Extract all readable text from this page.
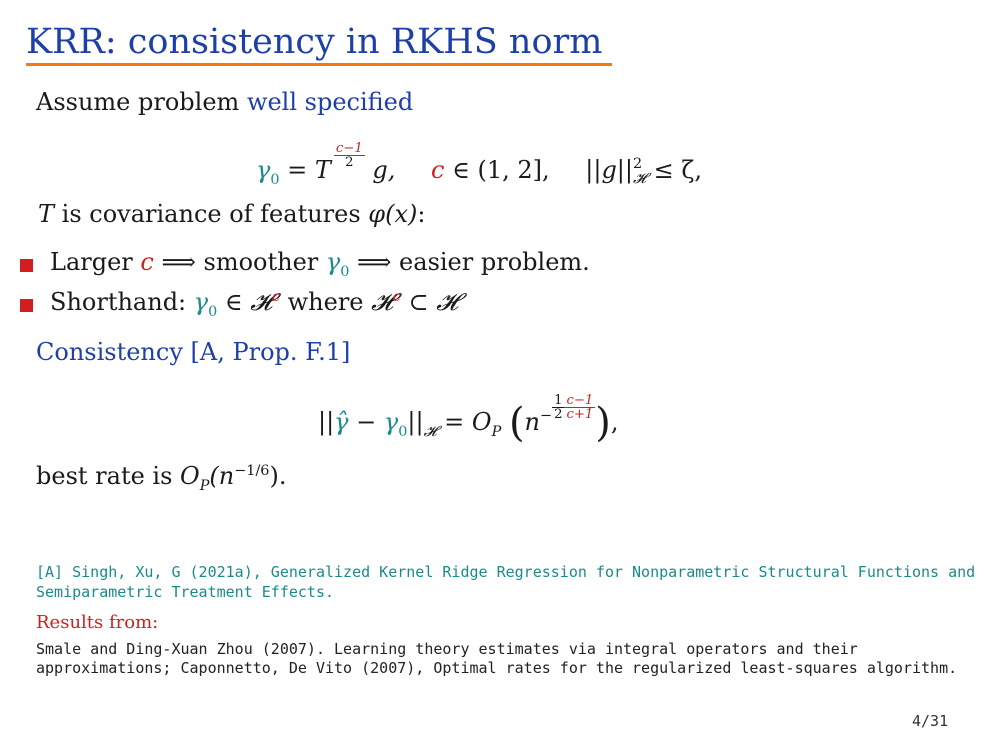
KRR: consistency in RKHS norm
Assume problem well specified
$\gamma_0 = T$
$\frac{c-1}{2}$
g, c ∈ (1, 2], ||g|| 2
𝓗 ≤ ζ,
T is covariance of features φ(x):
Larger c ⟹ smoother $\gamma_0$ ⟹ easier problem.
Shorthand: $\gamma_0$ ∈ 𝓗$^c$ where 𝓗$^c$ ⊂ 𝓗
Consistency [A, Prop. F.1]
||γ̂ − $\gamma_0||_𝓗 = O_P$ ($n^- \frac{1}{2} \frac{c-1}{c+1}$ ),
best rate is $O_P(n^{-1/6})$.
[A] Singh, Xu, G (2021a), Generalized Kernel Ridge Regression for Nonparametric Structural Functions and Semiparametric Treatment Effects.
Results from:
Smale and Ding-Xuan Zhou (2007). Learning theory estimates via integral operators and their approximations; Caponnetto, De Vito (2007), Optimal rates for the regularized least-squares algorithm.
4/31
